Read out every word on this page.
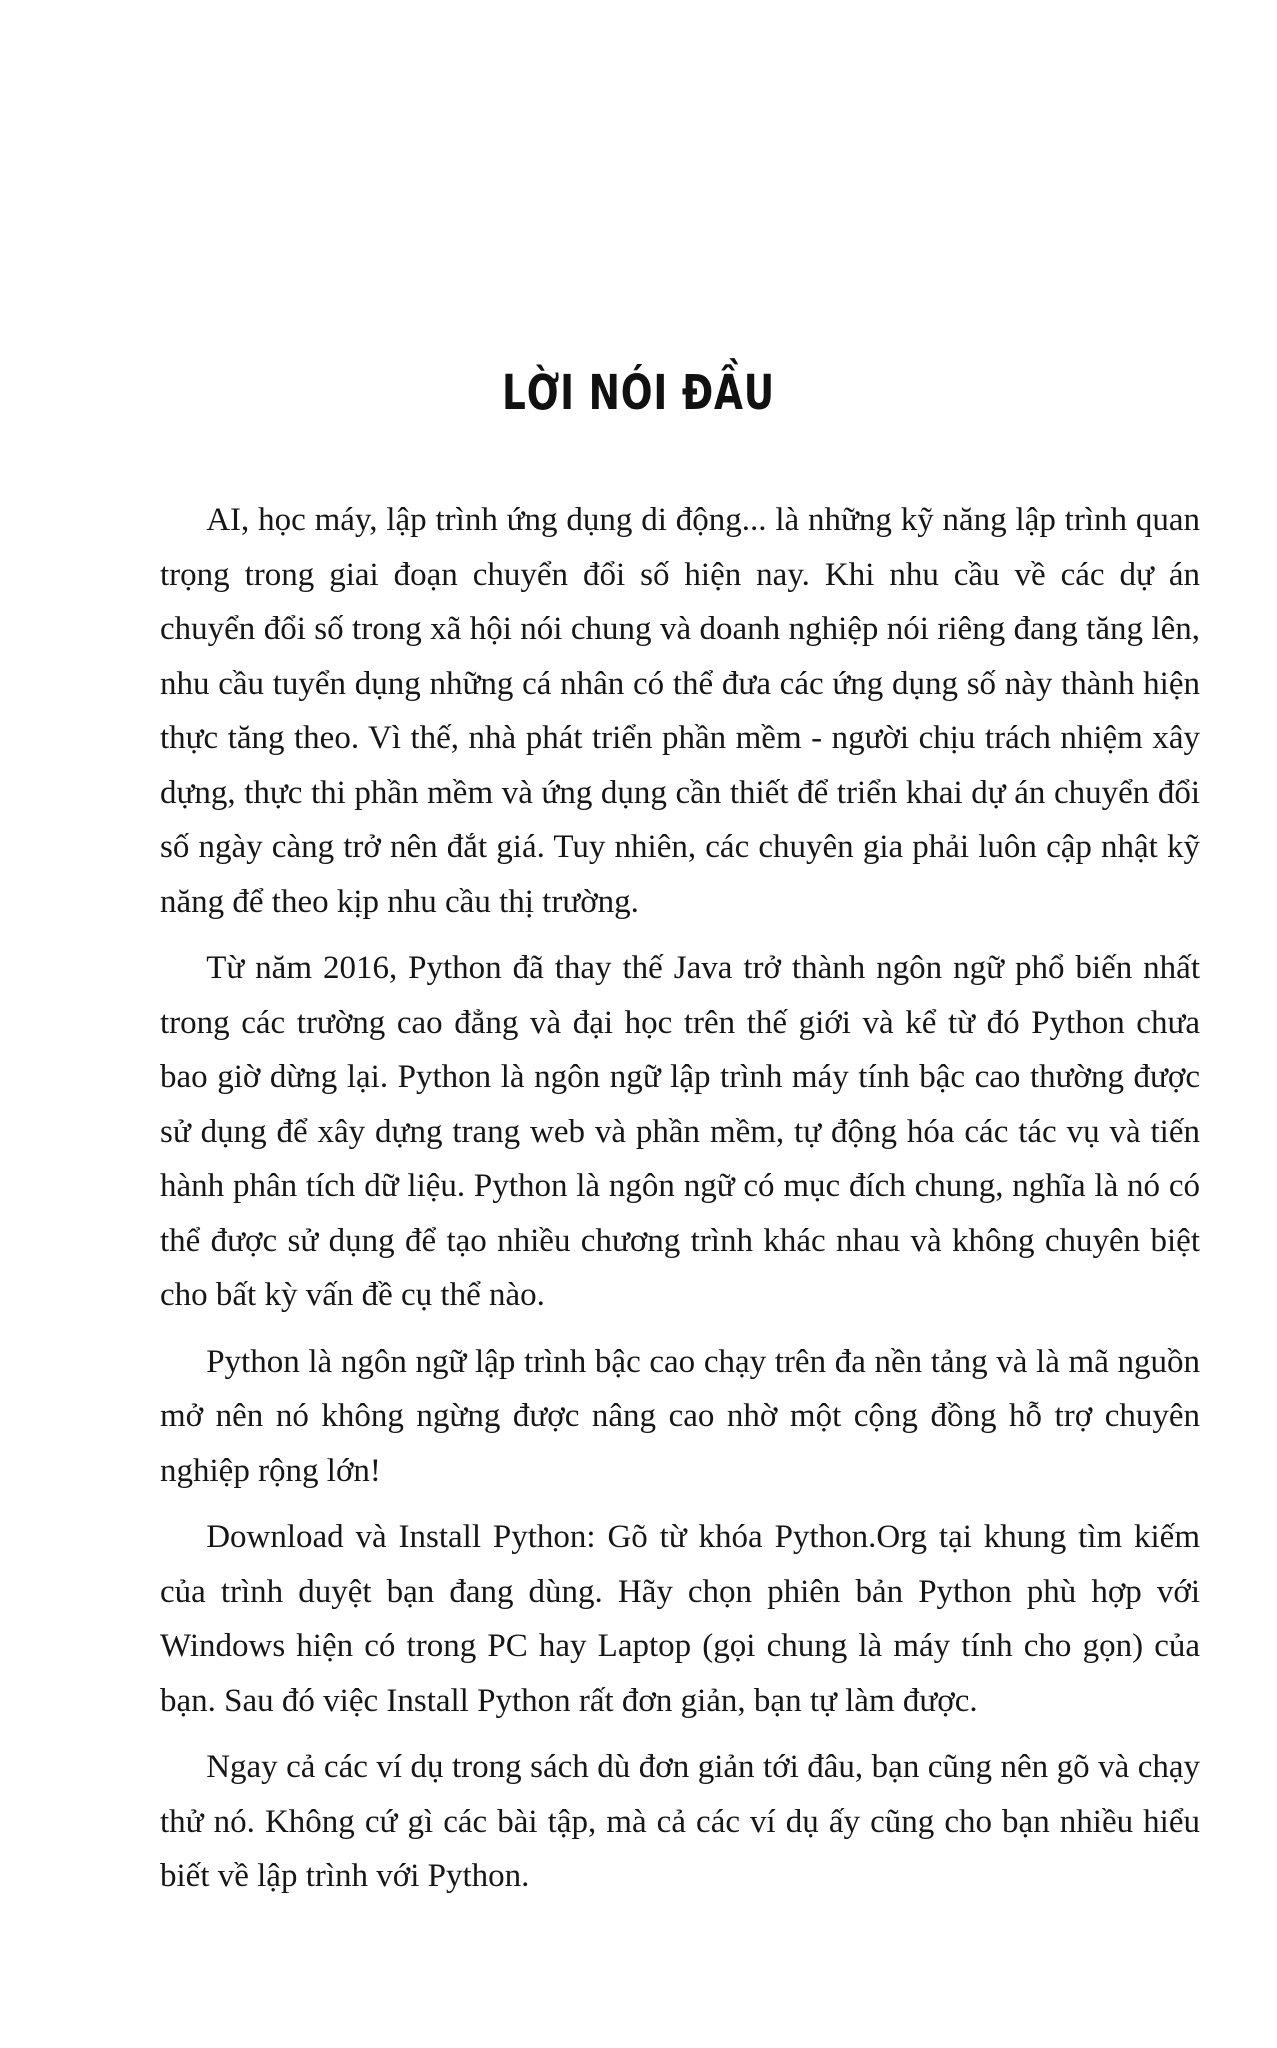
LỜI NÓI ĐẦU

AI, học máy, lập trình ứng dụng di động... là những kỹ năng lập trình quan trọng trong giai đoạn chuyển đổi số hiện nay. Khi nhu cầu về các dự án chuyển đổi số trong xã hội nói chung và doanh nghiệp nói riêng đang tăng lên, nhu cầu tuyển dụng những cá nhân có thể đưa các ứng dụng số này thành hiện thực tăng theo. Vì thế, nhà phát triển phần mềm - người chịu trách nhiệm xây dựng, thực thi phần mềm và ứng dụng cần thiết để triển khai dự án chuyển đổi số ngày càng trở nên đắt giá. Tuy nhiên, các chuyên gia phải luôn cập nhật kỹ năng để theo kịp nhu cầu thị trường.

Từ năm 2016, Python đã thay thế Java trở thành ngôn ngữ phổ biến nhất trong các trường cao đẳng và đại học trên thế giới và kể từ đó Python chưa bao giờ dừng lại. Python là ngôn ngữ lập trình máy tính bậc cao thường được sử dụng để xây dựng trang web và phần mềm, tự động hóa các tác vụ và tiến hành phân tích dữ liệu. Python là ngôn ngữ có mục đích chung, nghĩa là nó có thể được sử dụng để tạo nhiều chương trình khác nhau và không chuyên biệt cho bất kỳ vấn đề cụ thể nào.

Python là ngôn ngữ lập trình bậc cao chạy trên đa nền tảng và là mã nguồn mở nên nó không ngừng được nâng cao nhờ một cộng đồng hỗ trợ chuyên nghiệp rộng lớn!

Download và Install Python: Gõ từ khóa Python.Org tại khung tìm kiếm của trình duyệt bạn đang dùng. Hãy chọn phiên bản Python phù hợp với Windows hiện có trong PC hay Laptop (gọi chung là máy tính cho gọn) của bạn. Sau đó việc Install Python rất đơn giản, bạn tự làm được.

Ngay cả các ví dụ trong sách dù đơn giản tới đâu, bạn cũng nên gõ và chạy thử nó. Không cứ gì các bài tập, mà cả các ví dụ ấy cũng cho bạn nhiều hiểu biết về lập trình với Python.
